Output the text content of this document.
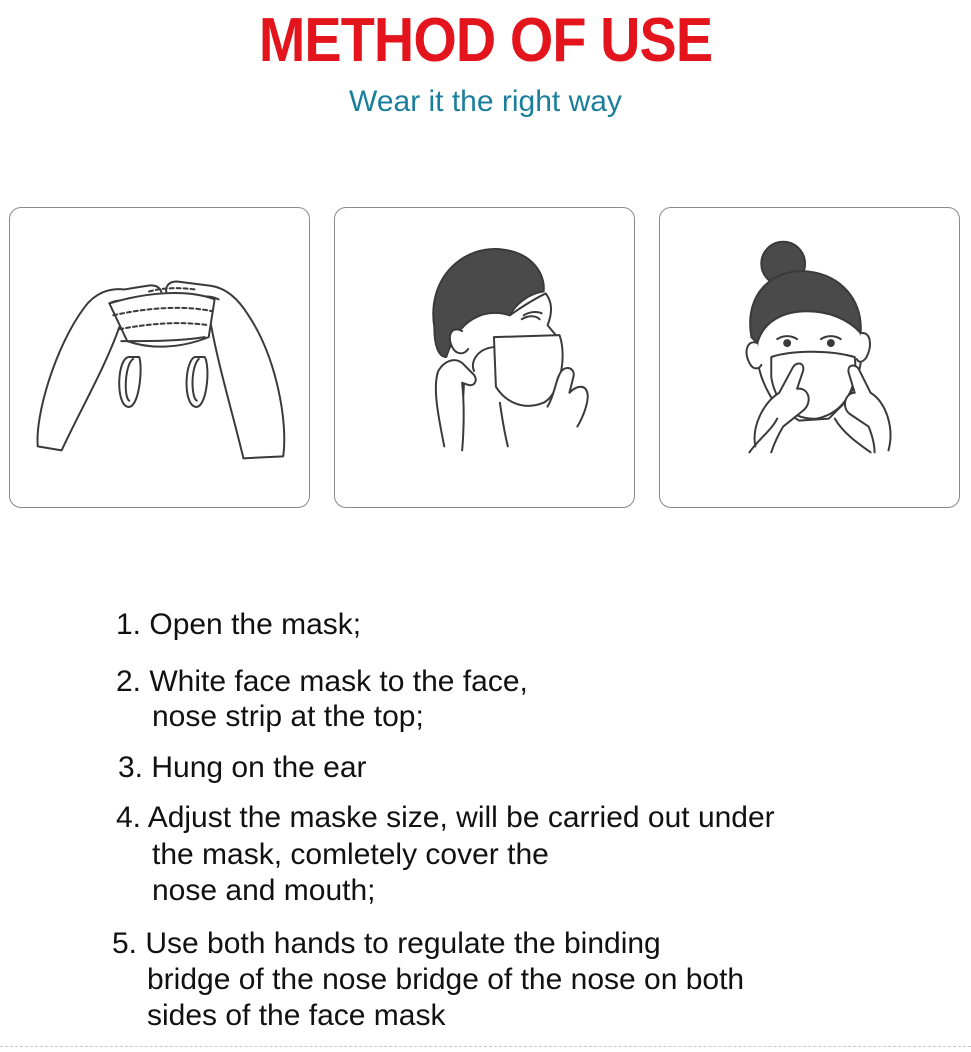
METHOD OF USE
Wear it the right way
1. Open the mask;
2. White face mask to the face,
nose strip at the top;
3. Hung on the ear
4. Adjust the maske size, will be carried out under
the mask, comletely cover the
nose and mouth;
5. Use both hands to regulate the binding
bridge of the nose bridge of the nose on both
sides of the face mask
